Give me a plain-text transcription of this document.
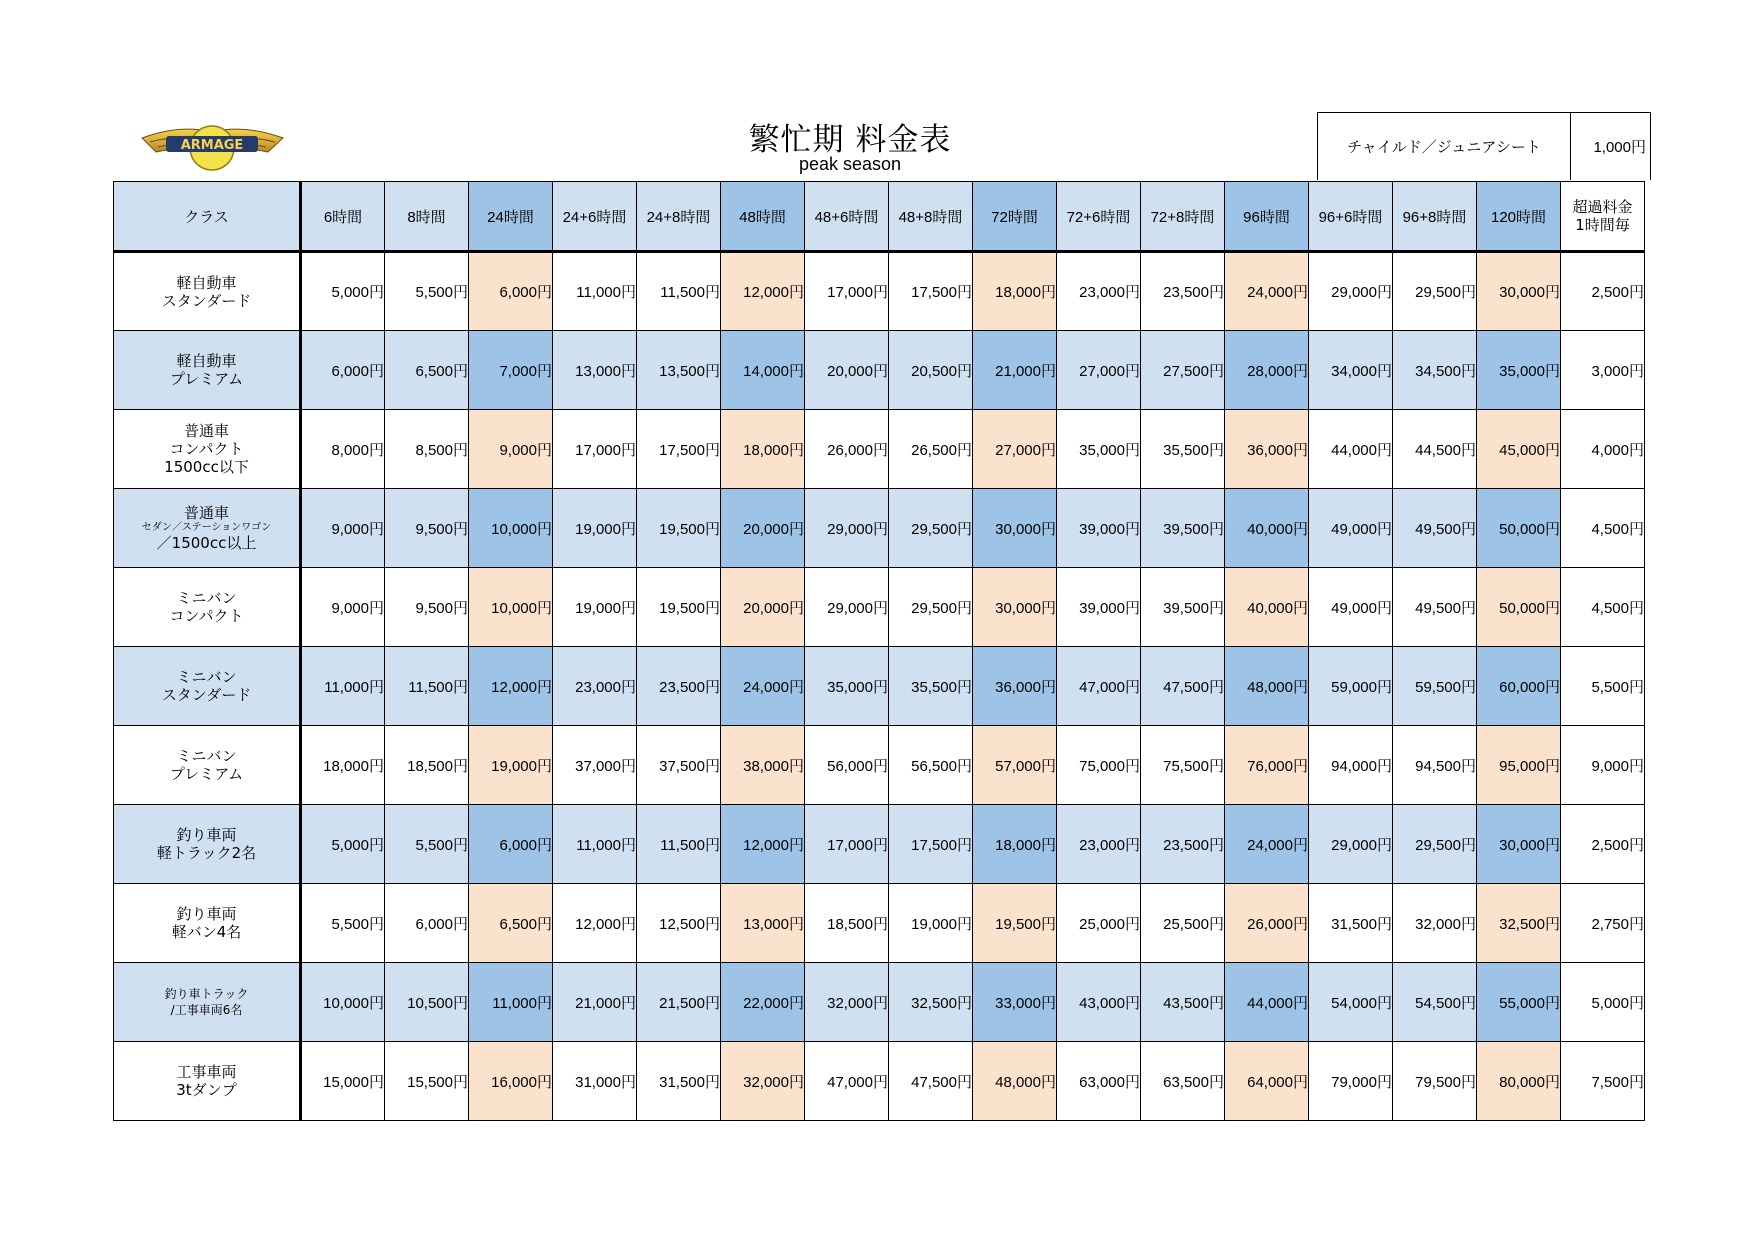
ARMAGE	繁忙期 料金表
peak season
チャイルド／ジュニアシート	1,000円
クラス	6時間	8時間	24時間	24+6時間	24+8時間	48時間	48+6時間	48+8時間	72時間	72+6時間	72+8時間	96時間	96+6時間	96+8時間	120時間	超過料金
1時間毎

軽自動車
スタンダード	5,000円	5,500円	6,000円	11,000円	11,500円	12,000円	17,000円	17,500円	18,000円	23,000円	23,500円	24,000円	29,000円	29,500円	30,000円	2,500円

軽自動車
プレミアム	6,000円	6,500円	7,000円	13,000円	13,500円	14,000円	20,000円	20,500円	21,000円	27,000円	27,500円	28,000円	34,000円	34,500円	35,000円	3,000円

普通車
コンパクト
1500cc以下	8,000円	8,500円	9,000円	17,000円	17,500円	18,000円	26,000円	26,500円	27,000円	35,000円	35,500円	36,000円	44,000円	44,500円	45,000円	4,000円

普通車
セダン／ステーションワゴン
／1500cc以上	9,000円	9,500円	10,000円	19,000円	19,500円	20,000円	29,000円	29,500円	30,000円	39,000円	39,500円	40,000円	49,000円	49,500円	50,000円	4,500円

ミニバン
コンパクト	9,000円	9,500円	10,000円	19,000円	19,500円	20,000円	29,000円	29,500円	30,000円	39,000円	39,500円	40,000円	49,000円	49,500円	50,000円	4,500円

ミニバン
スタンダード	11,000円	11,500円	12,000円	23,000円	23,500円	24,000円	35,000円	35,500円	36,000円	47,000円	47,500円	48,000円	59,000円	59,500円	60,000円	5,500円

ミニバン
プレミアム	18,000円	18,500円	19,000円	37,000円	37,500円	38,000円	56,000円	56,500円	57,000円	75,000円	75,500円	76,000円	94,000円	94,500円	95,000円	9,000円

釣り車両
軽トラック2名	5,000円	5,500円	6,000円	11,000円	11,500円	12,000円	17,000円	17,500円	18,000円	23,000円	23,500円	24,000円	29,000円	29,500円	30,000円	2,500円

釣り車両
軽バン4名	5,500円	6,000円	6,500円	12,000円	12,500円	13,000円	18,500円	19,000円	19,500円	25,000円	25,500円	26,000円	31,500円	32,000円	32,500円	2,750円

釣り車トラック
/工事車両6名	10,000円	10,500円	11,000円	21,000円	21,500円	22,000円	32,000円	32,500円	33,000円	43,000円	43,500円	44,000円	54,000円	54,500円	55,000円	5,000円

工事車両
3tダンプ	15,000円	15,500円	16,000円	31,000円	31,500円	32,000円	47,000円	47,500円	48,000円	63,000円	63,500円	64,000円	79,000円	79,500円	80,000円	7,500円
